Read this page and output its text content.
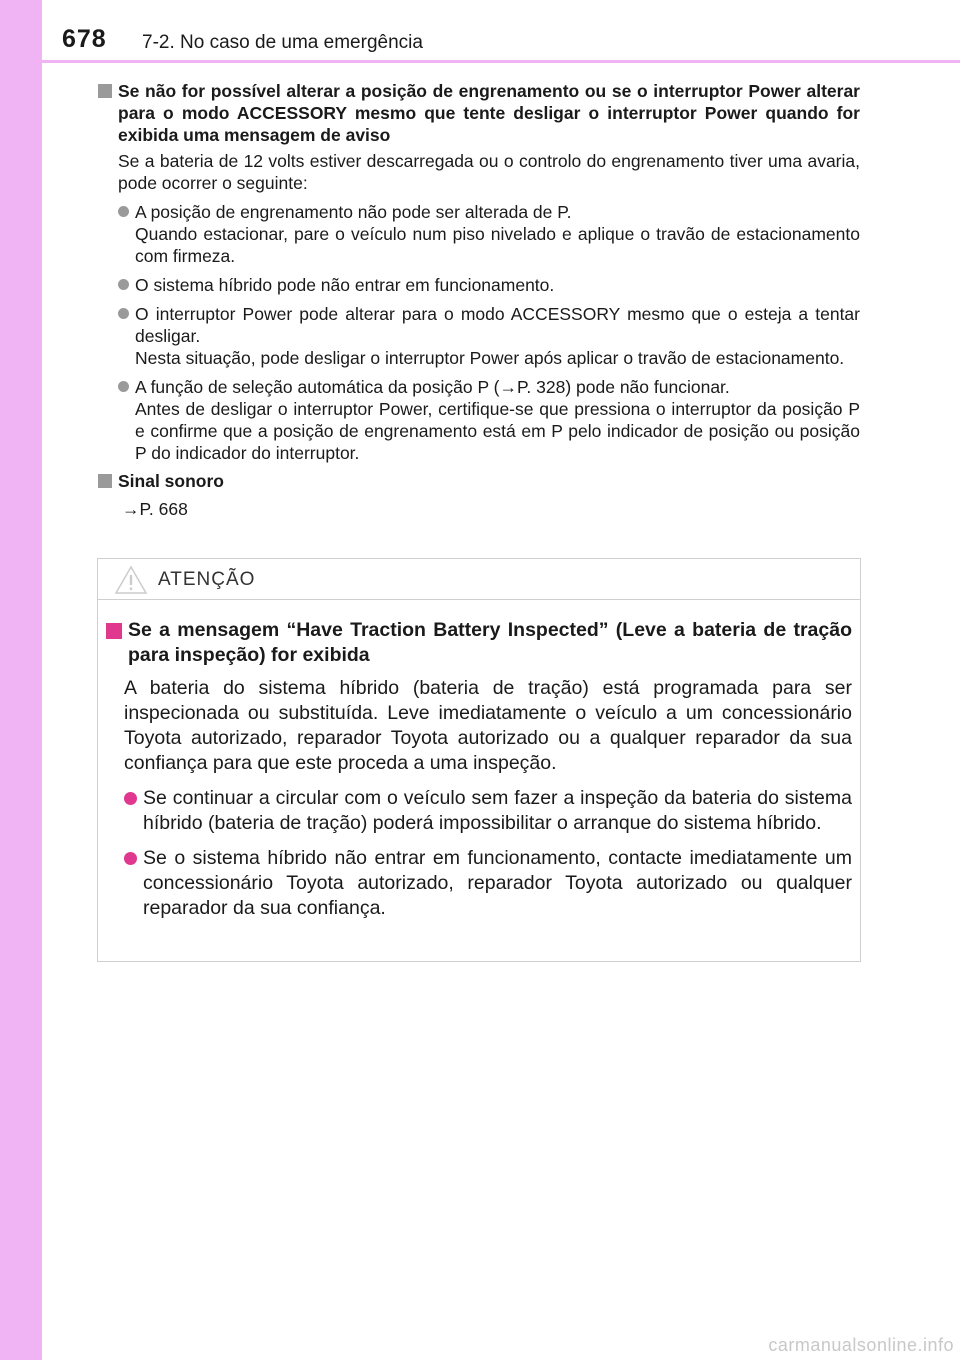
678 7-2. No caso de uma emergência
Se não for possível alterar a posição de engrenamento ou se o interruptor Power alterar para o modo ACCESSORY mesmo que tente desligar o interruptor Power quando for exibida uma mensagem de aviso
Se a bateria de 12 volts estiver descarregada ou o controlo do engrenamento tiver uma avaria, pode ocorrer o seguinte:

A posição de engrenamento não pode ser alterada de P.

Quando estacionar, pare o veículo num piso nivelado e aplique o travão de estacionamento com firmeza.

O sistema híbrido pode não entrar em funcionamento.

O interruptor Power pode alterar para o modo ACCESSORY mesmo que o esteja a tentar desligar.

Nesta situação, pode desligar o interruptor Power após aplicar o travão de estacionamento.

A função de seleção automática da posição P (→P. 328) pode não funcionar.

Antes de desligar o interruptor Power, certifique-se que pressiona o interruptor da posição P e confirme que a posição de engrenamento está em P pelo indicador de posição ou posição P do indicador do interruptor.

Sinal sonoro
→P. 668
ATENÇÃO
Se a mensagem “Have Traction Battery Inspected” (Leve a bateria de tração para inspeção) for exibida
A bateria do sistema híbrido (bateria de tração) está programada para ser inspecionada ou substituída. Leve imediatamente o veículo a um concessionário Toyota autorizado, reparador Toyota autorizado ou a qualquer reparador da sua confiança para que este proceda a uma inspeção.
Se continuar a circular com o veículo sem fazer a inspeção da bateria do sistema híbrido (bateria de tração) poderá impossibilitar o arranque do sistema híbrido.
Se o sistema híbrido não entrar em funcionamento, contacte imediatamente um concessionário Toyota autorizado, reparador Toyota autorizado ou qualquer reparador da sua confiança.
carmanualsonline.info
